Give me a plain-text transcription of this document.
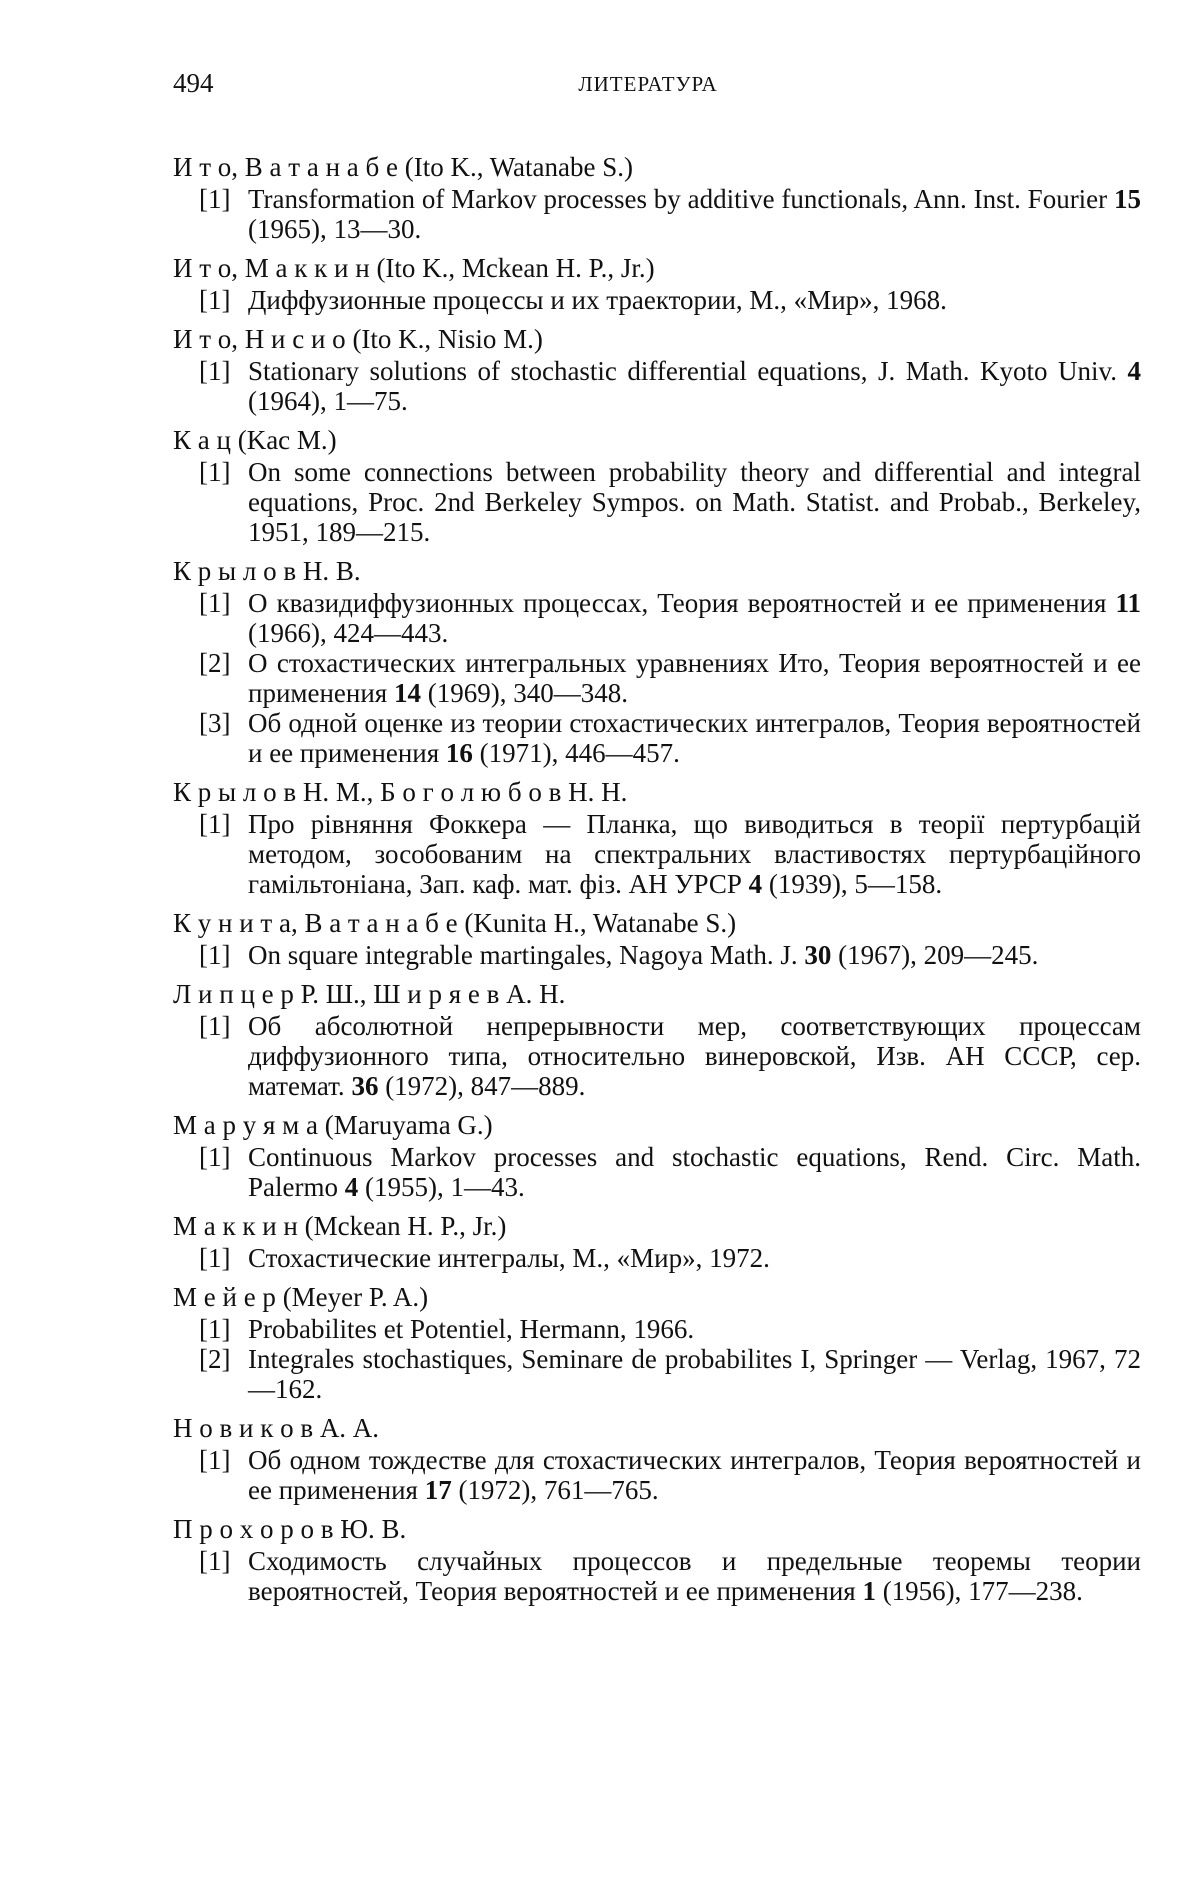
494	ЛИТЕРАТУРА
И т о, В а т а н а б е (Ito K., Watanabe S.)
[1] Transformation of Markov processes by additive functionals, Ann. Inst. Fourier 15 (1965), 13—30.
И т о, М а к к и н (Ito K., Mckean H. P., Jr.)
[1] Диффузионные процессы и их траектории, М., «Мир», 1968.
И т о, Н и с и о (Ito K., Nisio M.)
[1] Stationary solutions of stochastic differential equations, J. Math. Kyoto Univ. 4 (1964), 1—75.
К а ц (Kac M.)
[1] On some connections between probability theory and differential and integral equations, Proc. 2nd Berkeley Sympos. on Math. Statist. and Probab., Berkeley, 1951, 189—215.
К р ы л о в Н. В.
[1] О квазидиффузионных процессах, Теория вероятностей и ее применения 11 (1966), 424—443.
[2] О стохастических интегральных уравнениях Ито, Теория вероятностей и ее применения 14 (1969), 340—348.
[3] Об одной оценке из теории стохастических интегралов, Теория вероятностей и ее применения 16 (1971), 446—457.
К р ы л о в Н. М., Б о г о л ю б о в Н. Н.
[1] Про рівняння Фоккера — Планка, що виводиться в теорії пертурбацій методом, зособованим на спектральних властивостях пертурбаційного гамільтоніана, Зап. каф. мат. фіз. АН УРСР 4 (1939), 5—158.
К у н и т а, В а т а н а б е (Kunita H., Watanabe S.)
[1] On square integrable martingales, Nagoya Math. J. 30 (1967), 209—245.
Л и п ц е р Р. Ш., Ш и р я е в А. Н.
[1] Об абсолютной непрерывности мер, соответствующих процессам диффузионного типа, относительно винеровской, Изв. АН СССР, сер. математ. 36 (1972), 847—889.
М а р у я м а (Maruyama G.)
[1] Continuous Markov processes and stochastic equations, Rend. Circ. Math. Palermo 4 (1955), 1—43.
М а к к и н (Mckean H. P., Jr.)
[1] Стохастические интегралы, М., «Мир», 1972.
М е й е р (Meyer P. A.)
[1] Probabilites et Potentiel, Hermann, 1966.
[2] Integrales stochastiques, Seminare de probabilites I, Springer — Verlag, 1967, 72—162.
Н о в и к о в А. А.
[1] Об одном тождестве для стохастических интегралов, Теория вероятностей и ее применения 17 (1972), 761—765.
П р о х о р о в Ю. В.
[1] Сходимость случайных процессов и предельные теоремы теории вероятностей, Теория вероятностей и ее применения 1 (1956), 177—238.
